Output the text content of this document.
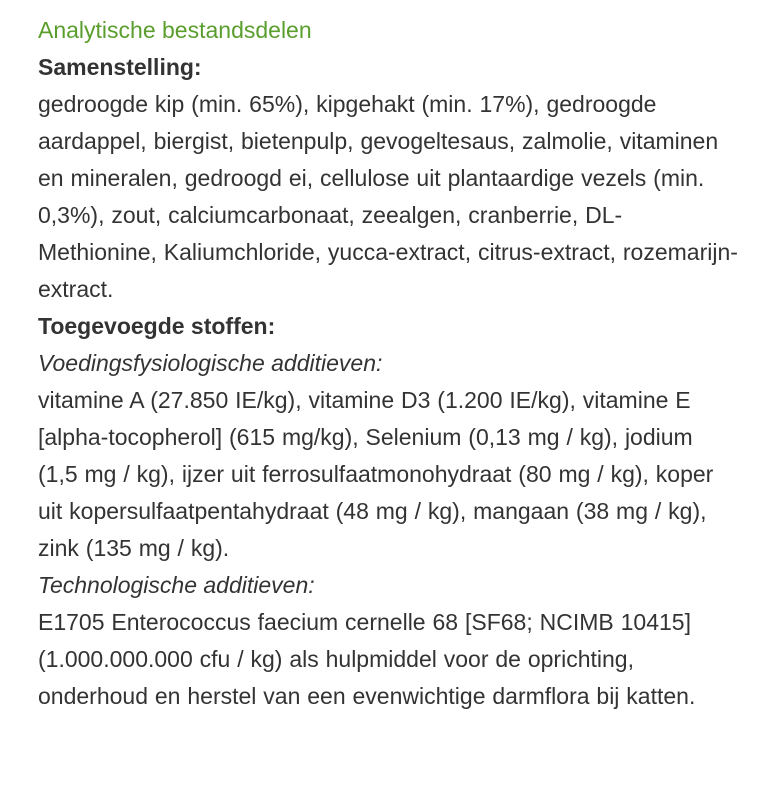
Analytische bestandsdelen
Samenstelling:
gedroogde kip (min. 65%), kipgehakt (min. 17%), gedroogde aardappel, biergist, bietenpulp, gevogeltesaus, zalmolie, vitaminen en mineralen, gedroogd ei, cellulose uit plantaardige vezels (min. 0,3%), zout, calciumcarbonaat, zeealgen, cranberrie, DL-Methionine, Kaliumchloride, yucca-extract, citrus-extract, rozemarijn-extract.
Toegevoegde stoffen:
Voedingsfysiologische additieven:
vitamine A (27.850 IE/kg), vitamine D3 (1.200 IE/kg), vitamine E [alpha-tocopherol] (615 mg/kg), Selenium (0,13 mg / kg), jodium (1,5 mg / kg), ijzer uit ferrosulfaatmonohydraat (80 mg / kg), koper uit kopersulfaatpentahydraat (48 mg / kg), mangaan (38 mg / kg), zink (135 mg / kg).
Technologische additieven:
E1705 Enterococcus faecium cernelle 68 [SF68; NCIMB 10415] (1.000.000.000 cfu / kg) als hulpmiddel voor de oprichting, onderhoud en herstel van een evenwichtige darmflora bij katten.
